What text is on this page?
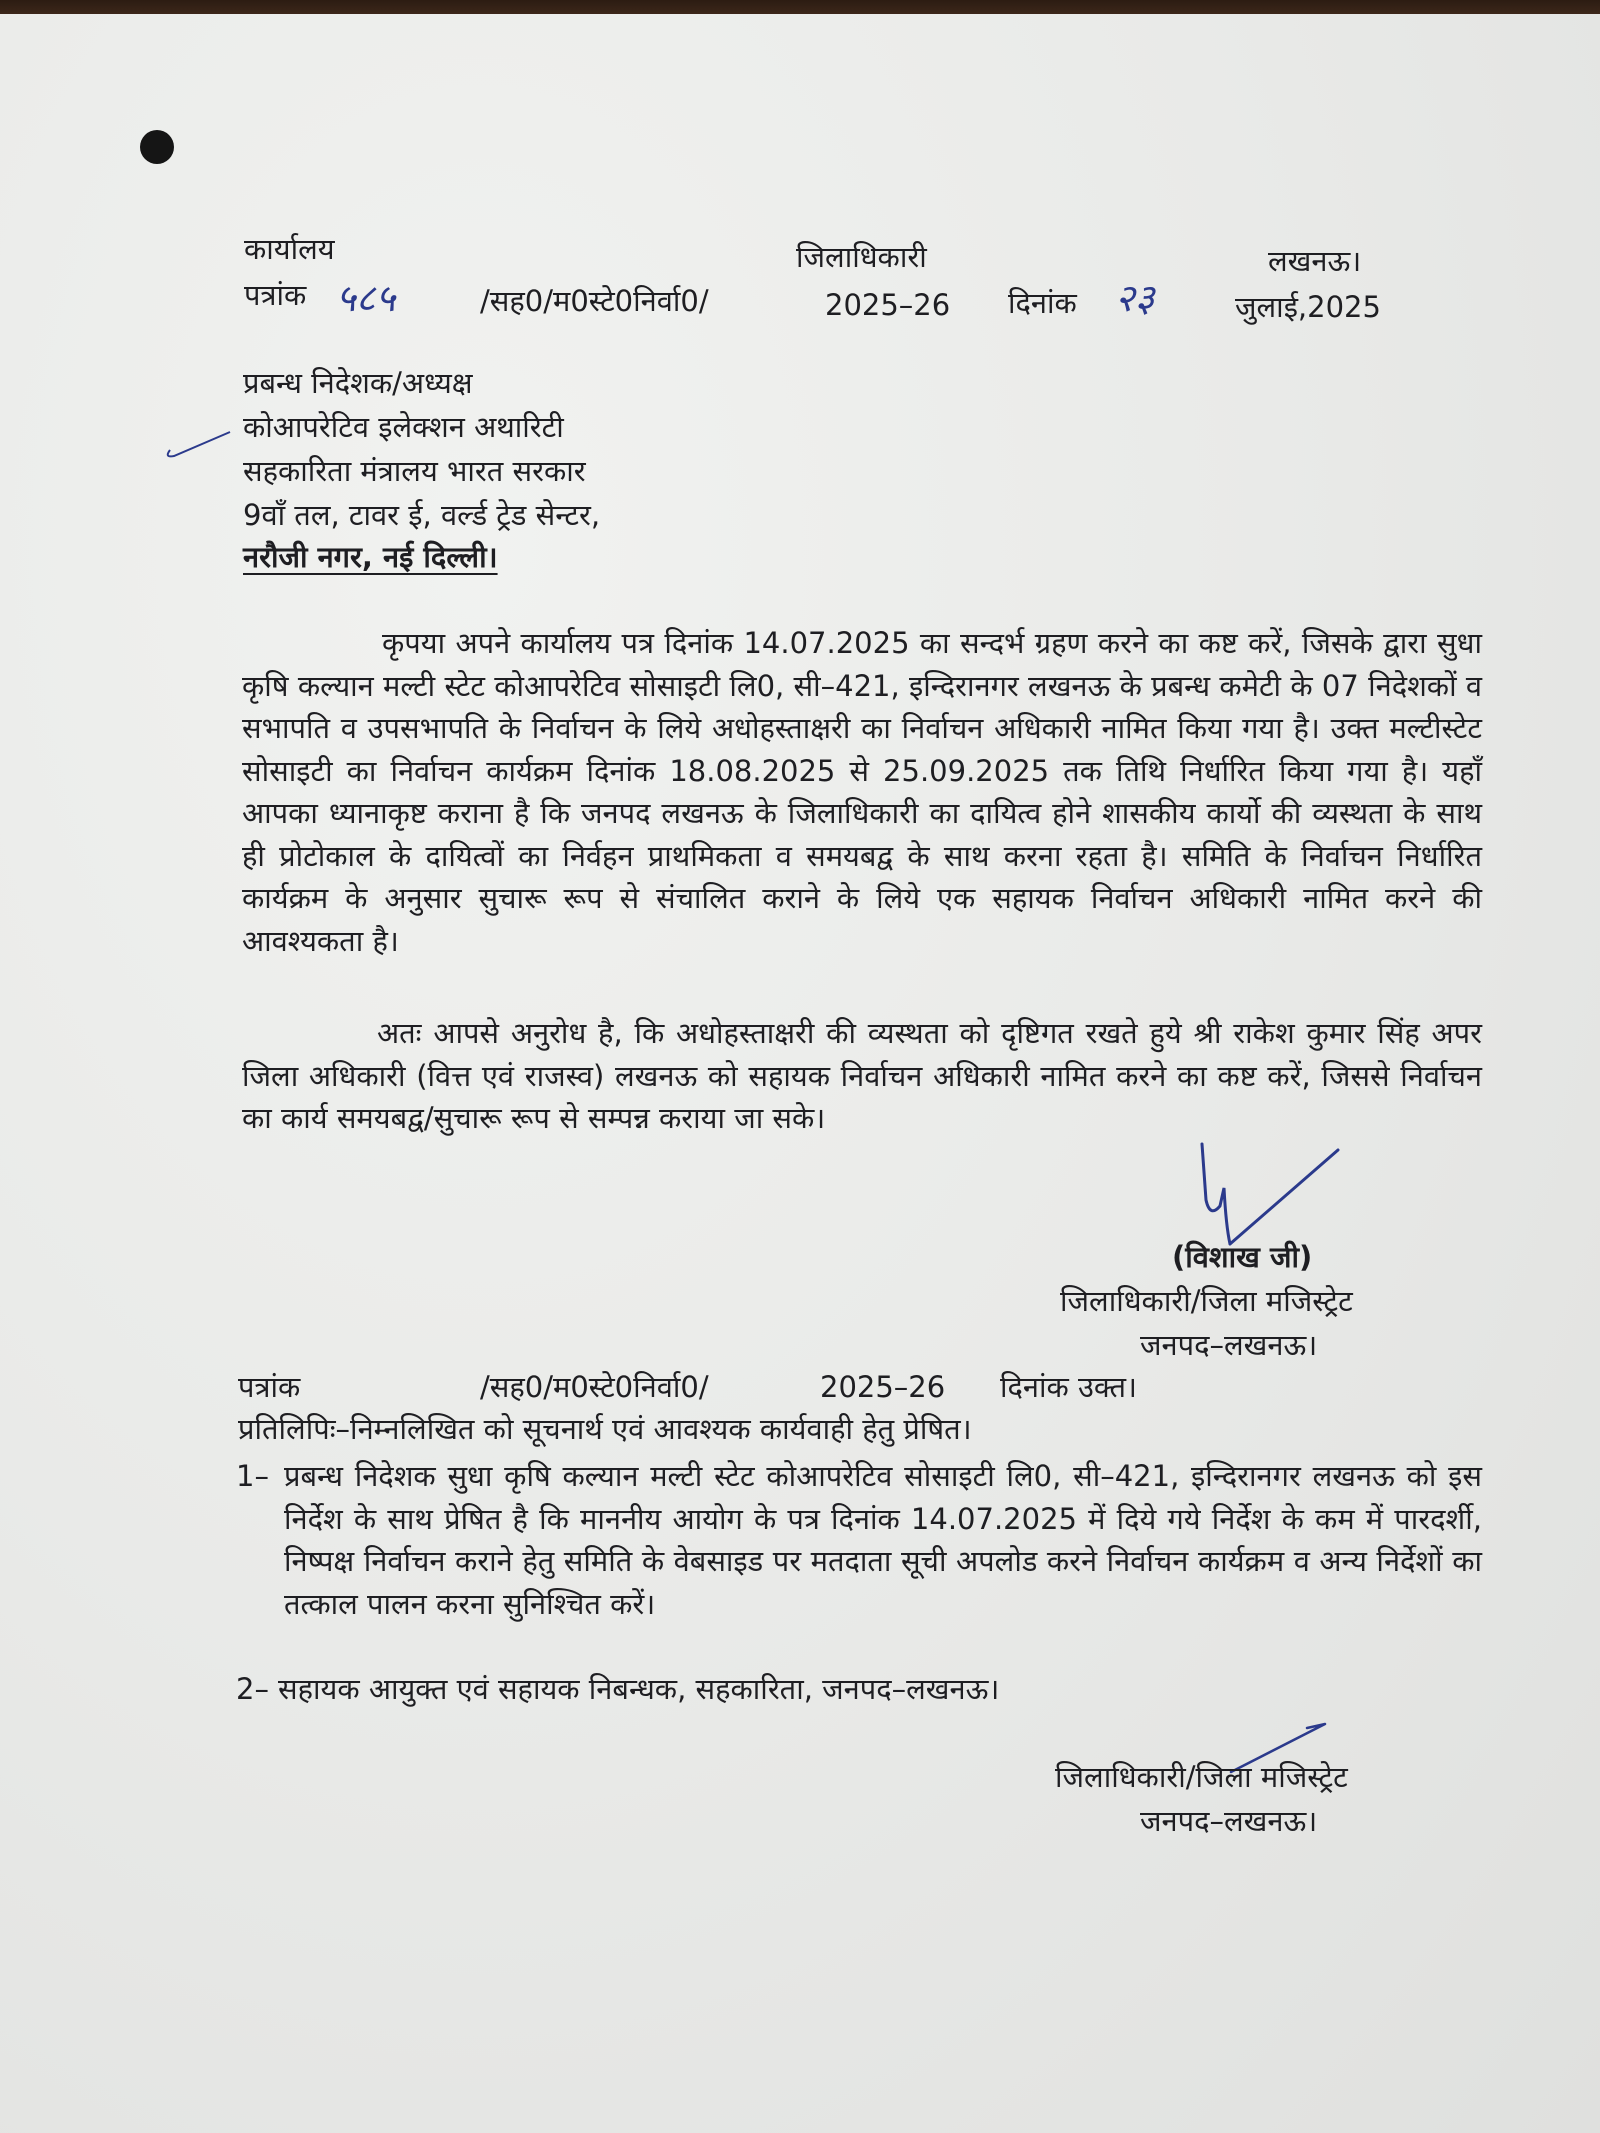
कार्यालय	जिलाधिकारी	लखनऊ।
पत्रांक ५८५	/सह0/म0स्टे0निर्वा0/	2025–26 दिनांक २३	जुलाई,2025
प्रबन्ध निदेशक/अध्यक्ष
कोआपरेटिव इलेक्शन अथारिटी
सहकारिता मंत्रालय भारत सरकार
9वाँ तल, टावर ई, वर्ल्ड ट्रेड सेन्टर,
नरौजी नगर, नई दिल्ली।
कृपया अपने कार्यालय पत्र दिनांक 14.07.2025 का सन्दर्भ ग्रहण करने का कष्ट करें, जिसके द्वारा सुधा कृषि कल्यान मल्टी स्टेट कोआपरेटिव सोसाइटी लि0, सी–421, इन्दिरानगर लखनऊ के प्रबन्ध कमेटी के 07 निदेशकों व सभापति व उपसभापति के निर्वाचन के लिये अधोहस्ताक्षरी का निर्वाचन अधिकारी नामित किया गया है। उक्त मल्टीस्टेट सोसाइटी का निर्वाचन कार्यक्रम दिनांक 18.08.2025 से 25.09.2025 तक तिथि निर्धारित किया गया है। यहाँ आपका ध्यानाकृष्ट कराना है कि जनपद लखनऊ के जिलाधिकारी का दायित्व होने शासकीय कार्यो की व्यस्थता के साथ ही प्रोटोकाल के दायित्वों का निर्वहन प्राथमिकता व समयबद्व के साथ करना रहता है। समिति के निर्वाचन निर्धारित कार्यक्रम के अनुसार सुचारू रूप से संचालित कराने के लिये एक सहायक निर्वाचन अधिकारी नामित करने की आवश्यकता है।
अतः आपसे अनुरोध है, कि अधोहस्ताक्षरी की व्यस्थता को दृष्टिगत रखते हुये श्री राकेश कुमार सिंह अपर जिला अधिकारी (वित्त एवं राजस्व) लखनऊ को सहायक निर्वाचन अधिकारी नामित करने का कष्ट करें, जिससे निर्वाचन का कार्य समयबद्व/सुचारू रूप से सम्पन्न कराया जा सके।
(विशाख जी)
जिलाधिकारी/जिला मजिस्ट्रेट
जनपद–लखनऊ।
पत्रांक	/सह0/म0स्टे0निर्वा0/	2025–26 दिनांक उक्त।
प्रतिलिपिः–निम्नलिखित को सूचनार्थ एवं आवश्यक कार्यवाही हेतु प्रेषित।
1– प्रबन्ध निदेशक सुधा कृषि कल्यान मल्टी स्टेट कोआपरेटिव सोसाइटी लि0, सी–421, इन्दिरानगर लखनऊ को इस निर्देश के साथ प्रेषित है कि माननीय आयोग के पत्र दिनांक 14.07.2025 में दिये गये निर्देश के कम में पारदर्शी, निष्पक्ष निर्वाचन कराने हेतु समिति के वेबसाइड पर मतदाता सूची अपलोड करने निर्वाचन कार्यक्रम व अन्य निर्देशों का तत्काल पालन करना सुनिश्चित करें।
2– सहायक आयुक्त एवं सहायक निबन्धक, सहकारिता, जनपद–लखनऊ।
जिलाधिकारी/जिला मजिस्ट्रेट
जनपद–लखनऊ।
